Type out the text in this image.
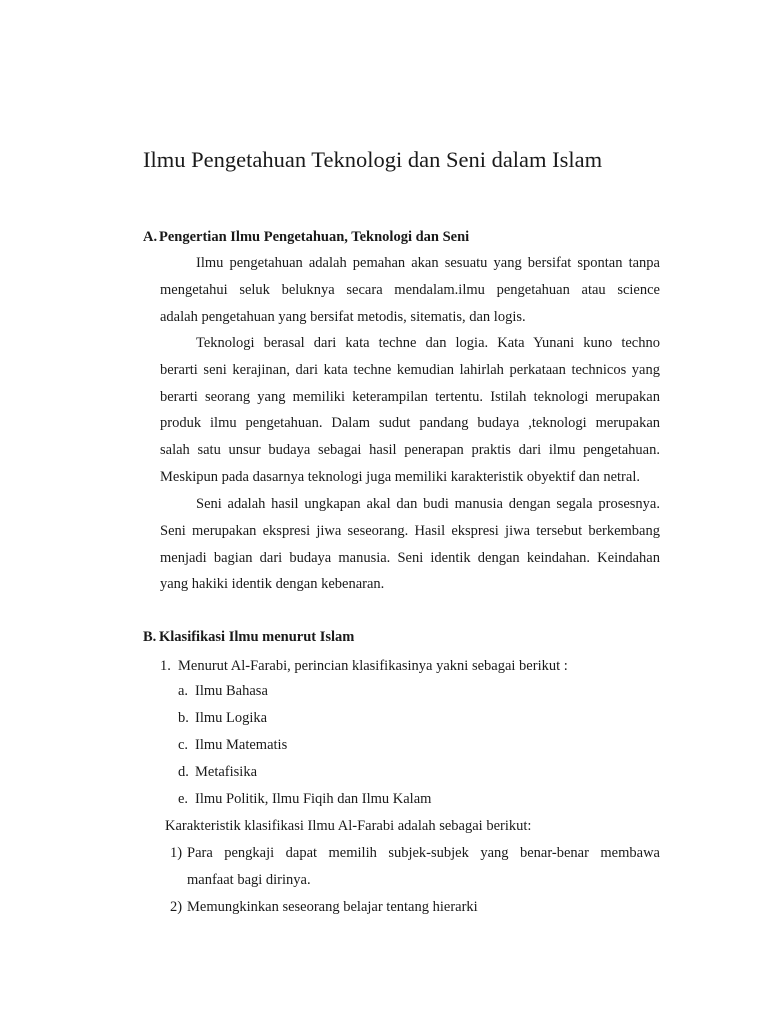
Ilmu Pengetahuan Teknologi dan Seni dalam Islam
A. Pengertian Ilmu Pengetahuan, Teknologi dan Seni
Ilmu pengetahuan adalah pemahan akan sesuatu yang bersifat spontan tanpa
mengetahui seluk beluknya secara mendalam.ilmu pengetahuan atau science
adalah pengetahuan yang bersifat metodis, sitematis, dan logis.
Teknologi berasal dari kata techne dan logia. Kata Yunani kuno techno
berarti seni kerajinan, dari kata techne kemudian lahirlah perkataan technicos yang
berarti seorang yang memiliki keterampilan tertentu. Istilah teknologi merupakan
produk ilmu pengetahuan. Dalam sudut pandang budaya ,teknologi merupakan
salah satu unsur budaya sebagai hasil penerapan praktis dari ilmu pengetahuan.
Meskipun pada dasarnya teknologi juga memiliki karakteristik obyektif dan netral.
Seni adalah hasil ungkapan akal dan budi manusia dengan segala prosesnya.
Seni merupakan ekspresi jiwa seseorang. Hasil ekspresi jiwa tersebut berkembang
menjadi bagian dari budaya manusia. Seni identik dengan keindahan. Keindahan
yang hakiki identik dengan kebenaran.
B. Klasifikasi Ilmu menurut Islam
1. Menurut Al-Farabi, perincian klasifikasinya yakni sebagai berikut :
a. Ilmu Bahasa
b. Ilmu Logika
c. Ilmu Matematis
d. Metafisika
e. Ilmu Politik, Ilmu Fiqih dan Ilmu Kalam
Karakteristik klasifikasi Ilmu Al-Farabi adalah sebagai berikut:
1) Para pengkaji dapat memilih subjek-subjek yang benar-benar membawa
manfaat bagi dirinya.
2) Memungkinkan seseorang belajar tentang hierarki
